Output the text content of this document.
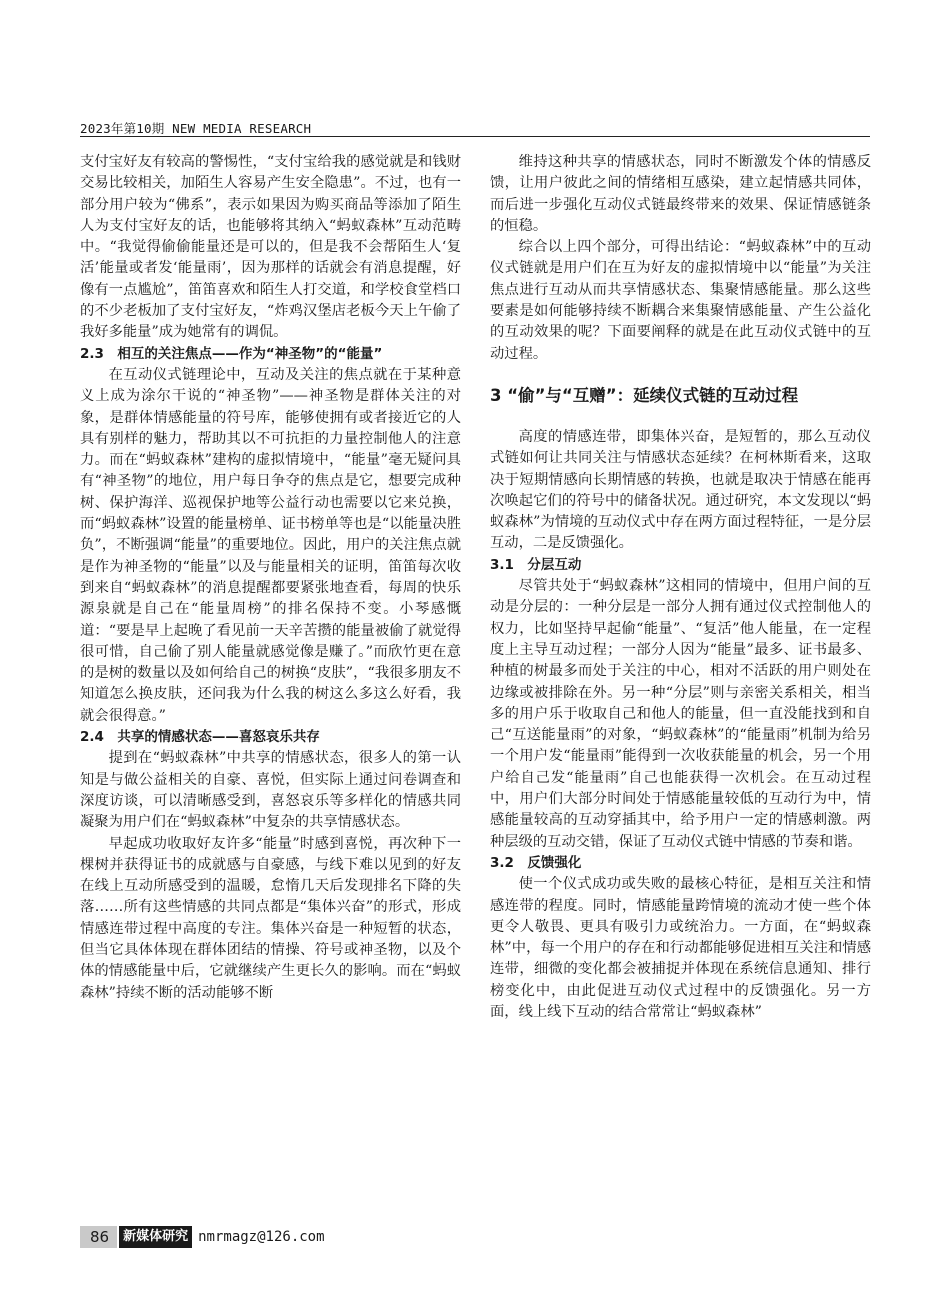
2023年第10期 NEW MEDIA RESEARCH

支付宝好友有较高的警惕性，“支付宝给我的感觉就是和钱财交易比较相关，加陌生人容易产生安全隐患”。不过，也有一部分用户较为“佛系”，表示如果因为购买商品等添加了陌生人为支付宝好友的话，也能够将其纳入“蚂蚁森林”互动范畴中。“我觉得偷偷能量还是可以的，但是我不会帮陌生人‘复活’能量或者发‘能量雨’，因为那样的话就会有消息提醒，好像有一点尴尬”，笛笛喜欢和陌生人打交道，和学校食堂档口的不少老板加了支付宝好友，“炸鸡汉堡店老板今天上午偷了我好多能量”成为她常有的调侃。

2.3　相互的关注焦点——作为“神圣物”的“能量”

在互动仪式链理论中，互动及关注的焦点就在于某种意义上成为涂尔干说的“神圣物”——神圣物是群体关注的对象，是群体情感能量的符号库，能够使拥有或者接近它的人具有别样的魅力，帮助其以不可抗拒的力量控制他人的注意力。而在“蚂蚁森林”建构的虚拟情境中，“能量”毫无疑问具有“神圣物”的地位，用户每日争夺的焦点是它，想要完成种树、保护海洋、巡视保护地等公益行动也需要以它来兑换，而“蚂蚁森林”设置的能量榜单、证书榜单等也是“以能量决胜负”，不断强调“能量”的重要地位。因此，用户的关注焦点就是作为神圣物的“能量”以及与能量相关的证明，笛笛每次收到来自“蚂蚁森林”的消息提醒都要紧张地查看，每周的快乐源泉就是自己在“能量周榜”的排名保持不变。小琴感慨道：“要是早上起晚了看见前一天辛苦攒的能量被偷了就觉得很可惜，自己偷了别人能量就感觉像是赚了。”而欣竹更在意的是树的数量以及如何给自己的树换“皮肤”，“我很多朋友不知道怎么换皮肤，还问我为什么我的树这么多这么好看，我就会很得意。”

2.4　共享的情感状态——喜怒哀乐共存

提到在“蚂蚁森林”中共享的情感状态，很多人的第一认知是与做公益相关的自豪、喜悦，但实际上通过问卷调查和深度访谈，可以清晰感受到，喜怒哀乐等多样化的情感共同凝聚为用户们在“蚂蚁森林”中复杂的共享情感状态。

早起成功收取好友许多“能量”时感到喜悦，再次种下一棵树并获得证书的成就感与自豪感，与线下难以见到的好友在线上互动所感受到的温暖，怠惰几天后发现排名下降的失落……所有这些情感的共同点都是“集体兴奋”的形式，形成情感连带过程中高度的专注。集体兴奋是一种短暂的状态，但当它具体体现在群体团结的情操、符号或神圣物，以及个体的情感能量中后，它就继续产生更长久的影响。而在“蚂蚁森林”持续不断的活动能够不断

维持这种共享的情感状态，同时不断激发个体的情感反馈，让用户彼此之间的情绪相互感染，建立起情感共同体，而后进一步强化互动仪式链最终带来的效果、保证情感链条的恒稳。

综合以上四个部分，可得出结论：“蚂蚁森林”中的互动仪式链就是用户们在互为好友的虚拟情境中以“能量”为关注焦点进行互动从而共享情感状态、集聚情感能量。那么这些要素是如何能够持续不断耦合来集聚情感能量、产生公益化的互动效果的呢？下面要阐释的就是在此互动仪式链中的互动过程。

3 “偷”与“互赠”：延续仪式链的互动过程

高度的情感连带，即集体兴奋，是短暂的，那么互动仪式链如何让共同关注与情感状态延续？在柯林斯看来，这取决于短期情感向长期情感的转换，也就是取决于情感在能再次唤起它们的符号中的储备状况。通过研究，本文发现以“蚂蚁森林”为情境的互动仪式中存在两方面过程特征，一是分层互动，二是反馈强化。

3.1　分层互动

尽管共处于“蚂蚁森林”这相同的情境中，但用户间的互动是分层的：一种分层是一部分人拥有通过仪式控制他人的权力，比如坚持早起偷“能量”、“复活”他人能量，在一定程度上主导互动过程；一部分人因为“能量”最多、证书最多、种植的树最多而处于关注的中心，相对不活跃的用户则处在边缘或被排除在外。另一种“分层”则与亲密关系相关，相当多的用户乐于收取自己和他人的能量，但一直没能找到和自己“互送能量雨”的对象，“蚂蚁森林”的“能量雨”机制为给另一个用户发“能量雨”能得到一次收获能量的机会，另一个用户给自己发“能量雨”自己也能获得一次机会。在互动过程中，用户们大部分时间处于情感能量较低的互动行为中，情感能量较高的互动穿插其中，给予用户一定的情感刺激。两种层级的互动交错，保证了互动仪式链中情感的节奏和谐。

3.2　反馈强化

使一个仪式成功或失败的最核心特征，是相互关注和情感连带的程度。同时，情感能量跨情境的流动才使一些个体更令人敬畏、更具有吸引力或统治力。一方面，在“蚂蚁森林”中，每一个用户的存在和行动都能够促进相互关注和情感连带，细微的变化都会被捕捉并体现在系统信息通知、排行榜变化中，由此促进互动仪式过程中的反馈强化。另一方面，线上线下互动的结合常常让“蚂蚁森林”

86	新媒体研究 nmrmagz@126.com
